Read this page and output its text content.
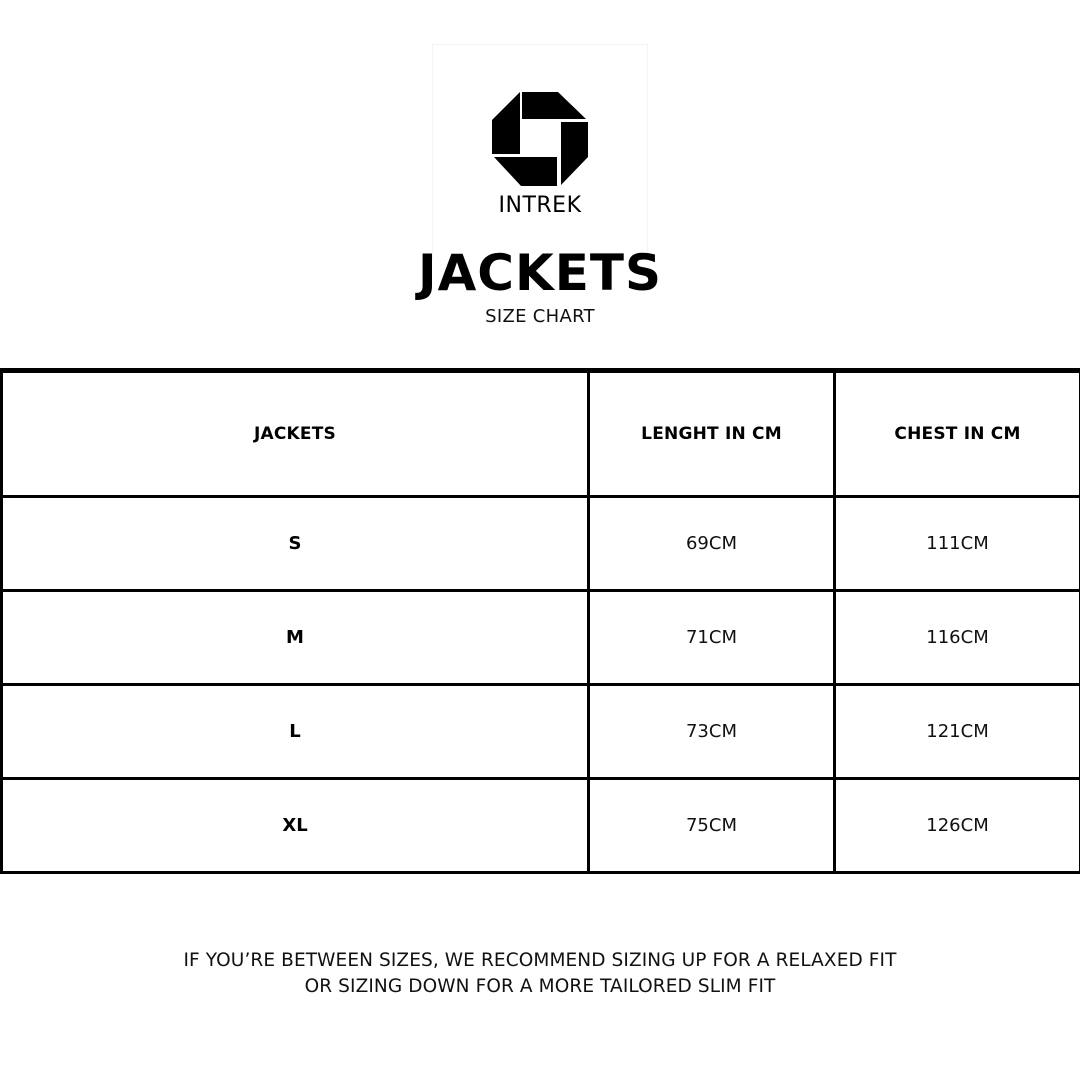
INTREK
JACKETS
SIZE CHART
JACKETS	LENGHT IN CM	CHEST IN CM
S	69CM	111CM
M	71CM	116CM
L	73CM	121CM
XL	75CM	126CM
IF YOU’RE BETWEEN SIZES, WE RECOMMEND SIZING UP FOR A RELAXED FIT
OR SIZING DOWN FOR A MORE TAILORED SLIM FIT
